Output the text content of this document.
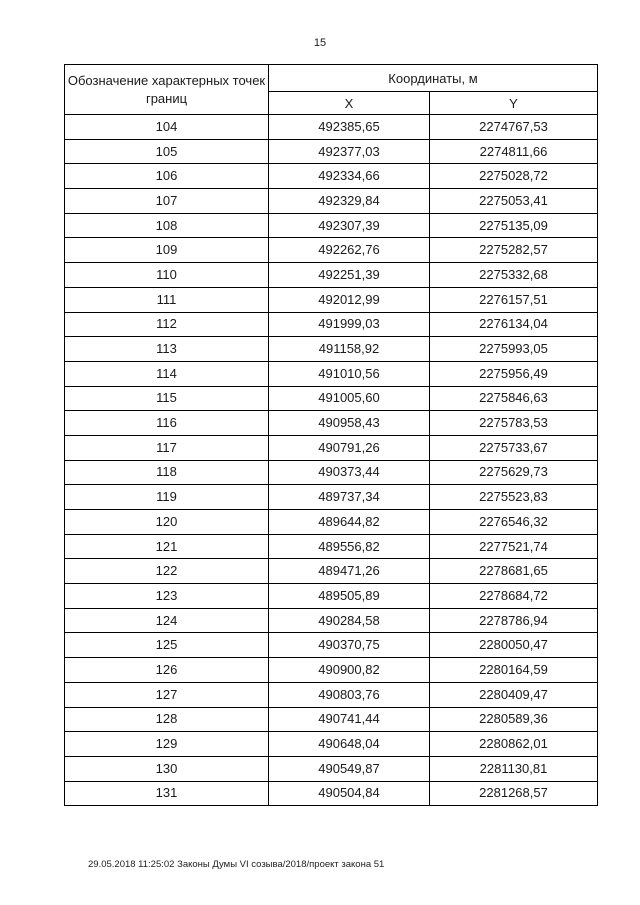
15
Обозначение характерных точек границ	Координаты, м	
	X	Y
104	492385,65	2274767,53
105	492377,03	2274811,66
106	492334,66	2275028,72
107	492329,84	2275053,41
108	492307,39	2275135,09
109	492262,76	2275282,57
110	492251,39	2275332,68
111	492012,99	2276157,51
112	491999,03	2276134,04
113	491158,92	2275993,05
114	491010,56	2275956,49
115	491005,60	2275846,63
116	490958,43	2275783,53
117	490791,26	2275733,67
118	490373,44	2275629,73
119	489737,34	2275523,83
120	489644,82	2276546,32
121	489556,82	2277521,74
122	489471,26	2278681,65
123	489505,89	2278684,72
124	490284,58	2278786,94
125	490370,75	2280050,47
126	490900,82	2280164,59
127	490803,76	2280409,47
128	490741,44	2280589,36
129	490648,04	2280862,01
130	490549,87	2281130,81
131	490504,84	2281268,57
29.05.2018 11:25:02 Законы Думы VI созыва/2018/проект закона 51
